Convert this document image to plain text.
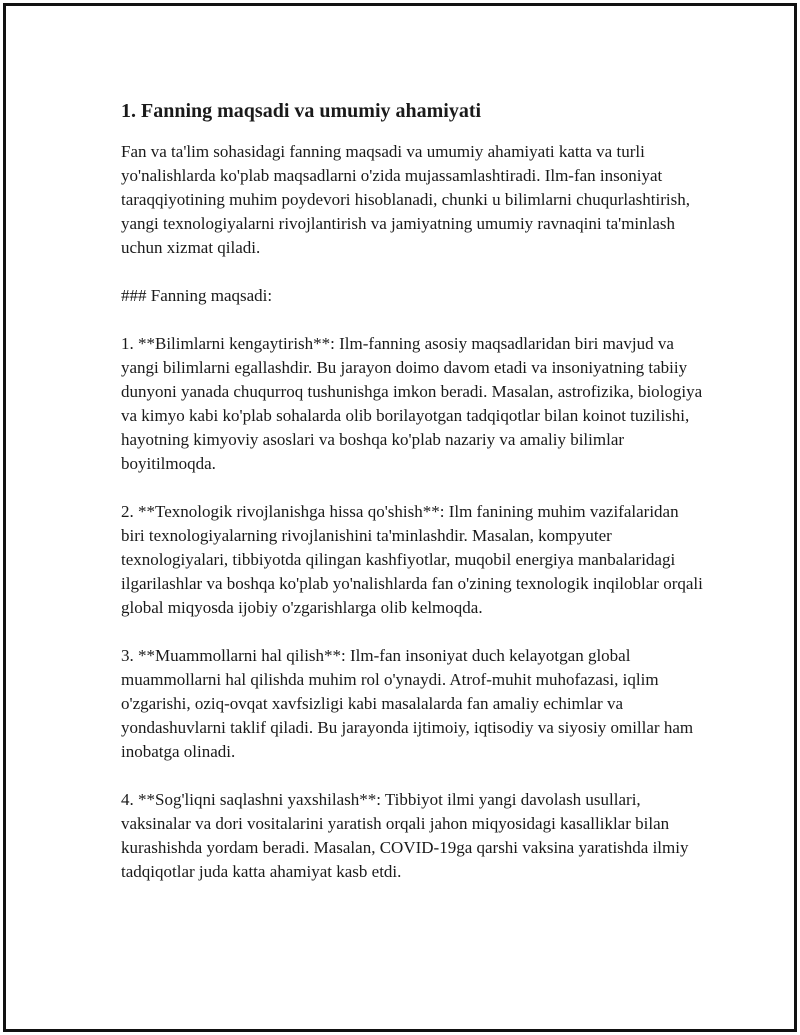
1. Fanning maqsadi va umumiy ahamiyati

Fan va ta'lim sohasidagi fanning maqsadi va umumiy ahamiyati katta va turli yo'nalishlarda ko'plab maqsadlarni o'zida mujassamlashtiradi. Ilm-fan insoniyat taraqqiyotining muhim poydevori hisoblanadi, chunki u bilimlarni chuqurlashtirish, yangi texnologiyalarni rivojlantirish va jamiyatning umumiy ravnaqini ta'minlash uchun xizmat qiladi.

### Fanning maqsadi:

1. **Bilimlarni kengaytirish**: Ilm-fanning asosiy maqsadlaridan biri mavjud va yangi bilimlarni egallashdir. Bu jarayon doimo davom etadi va insoniyatning tabiiy dunyoni yanada chuqurroq tushunishga imkon beradi. Masalan, astrofizika, biologiya va kimyo kabi ko'plab sohalarda olib borilayotgan tadqiqotlar bilan koinot tuzilishi, hayotning kimyoviy asoslari va boshqa ko'plab nazariy va amaliy bilimlar boyitilmoqda.

2. **Texnologik rivojlanishga hissa qo'shish**: Ilm fanining muhim vazifalaridan biri texnologiyalarning rivojlanishini ta'minlashdir. Masalan, kompyuter texnologiyalari, tibbiyotda qilingan kashfiyotlar, muqobil energiya manbalaridagi ilgarilashlar va boshqa ko'plab yo'nalishlarda fan o'zining texnologik inqiloblar orqali global miqyosda ijobiy o'zgarishlarga olib kelmoqda.

3. **Muammollarni hal qilish**: Ilm-fan insoniyat duch kelayotgan global muammollarni hal qilishda muhim rol o'ynaydi. Atrof-muhit muhofazasi, iqlim o'zgarishi, oziq-ovqat xavfsizligi kabi masalalarda fan amaliy echimlar va yondashuvlarni taklif qiladi. Bu jarayonda ijtimoiy, iqtisodiy va siyosiy omillar ham inobatga olinadi.

4. **Sog'liqni saqlashni yaxshilash**: Tibbiyot ilmi yangi davolash usullari, vaksinalar va dori vositalarini yaratish orqali jahon miqyosidagi kasalliklar bilan kurashishda yordam beradi. Masalan, COVID-19ga qarshi vaksina yaratishda ilmiy tadqiqotlar juda katta ahamiyat kasb etdi.
